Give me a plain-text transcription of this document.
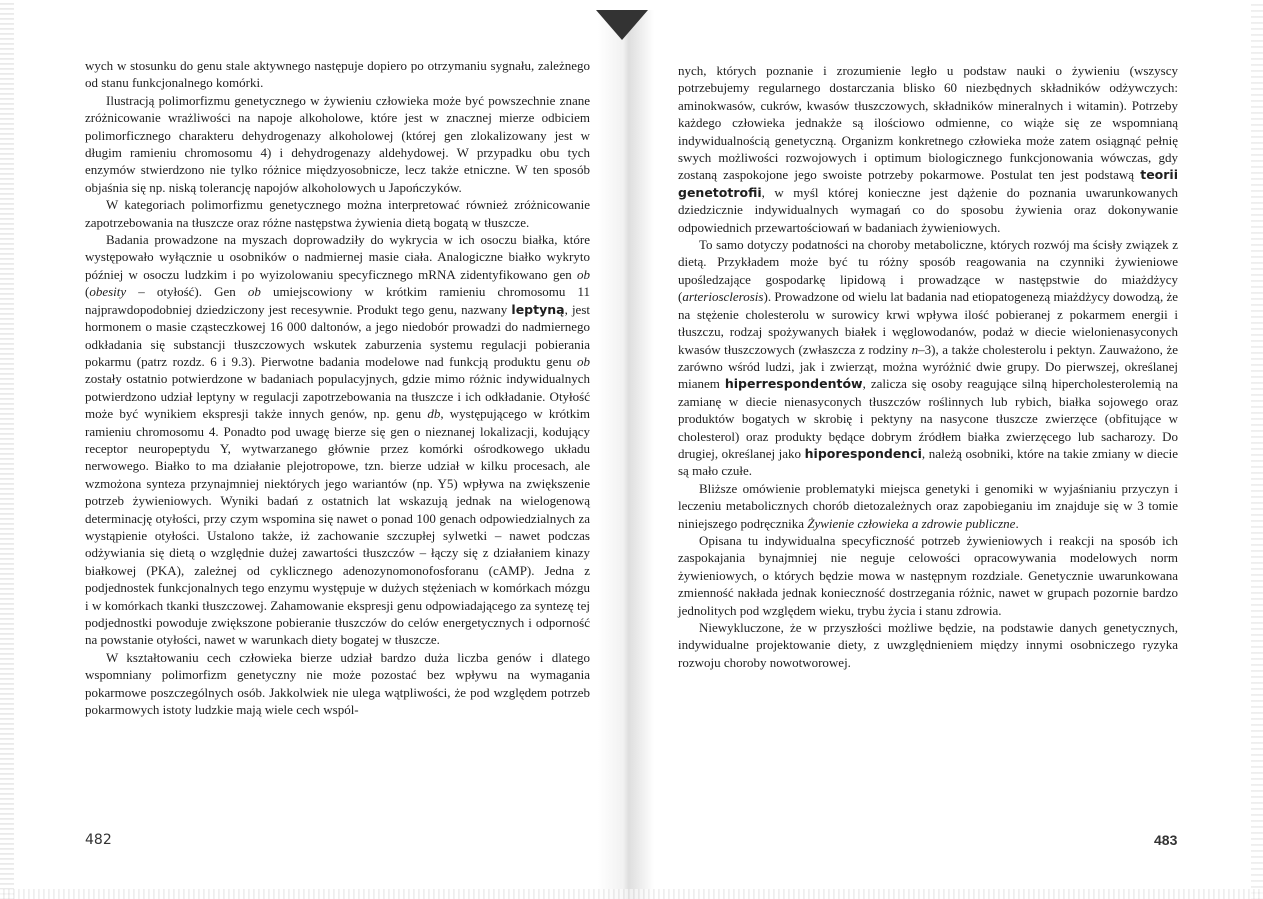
wych w stosunku do genu stale aktywnego następuje dopiero po otrzymaniu sygnału, zależnego od stanu funkcjonalnego komórki.

Ilustracją polimorfizmu genetycznego w żywieniu człowieka może być powszechnie znane zróżnicowanie wrażliwości na napoje alkoholowe, które jest w znacznej mierze odbiciem polimorficznego charakteru dehydrogenazy alkoholowej (której gen zlokalizowany jest w długim ramieniu chromosomu 4) i dehydrogenazy aldehydowej. W przypadku obu tych enzymów stwierdzono nie tylko różnice międzyosobnicze, lecz także etniczne. W ten sposób objaśnia się np. niską tolerancję napojów alkoholowych u Japończyków.

W kategoriach polimorfizmu genetycznego można interpretować również zróżnicowanie zapotrzebowania na tłuszcze oraz różne następstwa żywienia dietą bogatą w tłuszcze.

Badania prowadzone na myszach doprowadziły do wykrycia w ich osoczu białka, które występowało wyłącznie u osobników o nadmiernej masie ciała. Analogiczne białko wykryto później w osoczu ludzkim i po wyizolowaniu specyficznego mRNA zidentyfikowano gen ob (obesity – otyłość). Gen ob umiejscowiony w krótkim ramieniu chromosomu 11 najprawdopodobniej dziedziczony jest recesywnie. Produkt tego genu, nazwany leptyną, jest hormonem o masie cząsteczkowej 16 000 daltonów, a jego niedobór prowadzi do nadmiernego odkładania się substancji tłuszczowych wskutek zaburzenia systemu regulacji pobierania pokarmu (patrz rozdz. 6 i 9.3). Pierwotne badania modelowe nad funkcją produktu genu ob zostały ostatnio potwierdzone w badaniach populacyjnych, gdzie mimo różnic indywidualnych potwierdzono udział leptyny w regulacji zapotrzebowania na tłuszcze i ich odkładanie. Otyłość może być wynikiem ekspresji także innych genów, np. genu db, występującego w krótkim ramieniu chromosomu 4. Ponadto pod uwagę bierze się gen o nieznanej lokalizacji, kodujący receptor neuropeptydu Y, wytwarzanego głównie przez komórki ośrodkowego układu nerwowego. Białko to ma działanie plejotropowe, tzn. bierze udział w kilku procesach, ale wzmożona synteza przynajmniej niektórych jego wariantów (np. Y5) wpływa na zwiększenie potrzeb żywieniowych. Wyniki badań z ostatnich lat wskazują jednak na wielogenową determinację otyłości, przy czym wspomina się nawet o ponad 100 genach odpowiedzialnych za wystąpienie otyłości. Ustalono także, iż zachowanie szczupłej sylwetki – nawet podczas odżywiania się dietą o względnie dużej zawartości tłuszczów – łączy się z działaniem kinazy białkowej (PKA), zależnej od cyklicznego adenozynomonofosforanu (cAMP). Jedna z podjednostek funkcjonalnych tego enzymu występuje w dużych stężeniach w komórkach mózgu i w komórkach tkanki tłuszczowej. Zahamowanie ekspresji genu odpowiadającego za syntezę tej podjednostki powoduje zwiększone pobieranie tłuszczów do celów energetycznych i odporność na powstanie otyłości, nawet w warunkach diety bogatej w tłuszcze.

W kształtowaniu cech człowieka bierze udział bardzo duża liczba genów i dlatego wspomniany polimorfizm genetyczny nie może pozostać bez wpływu na wymagania pokarmowe poszczególnych osób. Jakkolwiek nie ulega wątpliwości, że pod względem potrzeb pokarmowych istoty ludzkie mają wiele cech wspól-

482

nych, których poznanie i zrozumienie legło u podstaw nauki o żywieniu (wszyscy potrzebujemy regularnego dostarczania blisko 60 niezbędnych składników odżywczych: aminokwasów, cukrów, kwasów tłuszczowych, składników mineralnych i witamin). Potrzeby każdego człowieka jednakże są ilościowo odmienne, co wiąże się ze wspomnianą indywidualnością genetyczną. Organizm konkretnego człowieka może zatem osiągnąć pełnię swych możliwości rozwojowych i optimum biologicznego funkcjonowania wówczas, gdy zostaną zaspokojone jego swoiste potrzeby pokarmowe. Postulat ten jest podstawą teorii genetotrofii, w myśl której konieczne jest dążenie do poznania uwarunkowanych dziedzicznie indywidualnych wymagań co do sposobu żywienia oraz dokonywanie odpowiednich przewartościowań w badaniach żywieniowych.

To samo dotyczy podatności na choroby metaboliczne, których rozwój ma ścisły związek z dietą. Przykładem może być tu różny sposób reagowania na czynniki żywieniowe upośledzające gospodarkę lipidową i prowadzące w następstwie do miażdżycy (arteriosclerosis). Prowadzone od wielu lat badania nad etiopatogenezą miażdżycy dowodzą, że na stężenie cholesterolu w surowicy krwi wpływa ilość pobieranej z pokarmem energii i tłuszczu, rodzaj spożywanych białek i węglowodanów, podaż w diecie wielonienasyconych kwasów tłuszczowych (zwłaszcza z rodziny n–3), a także cholesterolu i pektyn. Zauważono, że zarówno wśród ludzi, jak i zwierząt, można wyróżnić dwie grupy. Do pierwszej, określanej mianem hiperrespondentów, zalicza się osoby reagujące silną hipercholesterolemią na zamianę w diecie nienasyconych tłuszczów roślinnych lub rybich, białka sojowego oraz produktów bogatych w skrobię i pektyny na nasycone tłuszcze zwierzęce (obfitujące w cholesterol) oraz produkty będące dobrym źródłem białka zwierzęcego lub sacharozy. Do drugiej, określanej jako hiporespondenci, należą osobniki, które na takie zmiany w diecie są mało czułe.

Bliższe omówienie problematyki miejsca genetyki i genomiki w wyjaśnianiu przyczyn i leczeniu metabolicznych chorób dietozależnych oraz zapobieganiu im znajduje się w 3 tomie niniejszego podręcznika Żywienie człowieka a zdrowie publiczne.

Opisana tu indywidualna specyficzność potrzeb żywieniowych i reakcji na sposób ich zaspokajania bynajmniej nie neguje celowości opracowywania modelowych norm żywieniowych, o których będzie mowa w następnym rozdziale. Genetycznie uwarunkowana zmienność nakłada jednak konieczność dostrzegania różnic, nawet w grupach pozornie bardzo jednolitych pod względem wieku, trybu życia i stanu zdrowia.

Niewykluczone, że w przyszłości możliwe będzie, na podstawie danych genetycznych, indywidualne projektowanie diety, z uwzględnieniem między innymi osobniczego ryzyka rozwoju choroby nowotworowej.

483
